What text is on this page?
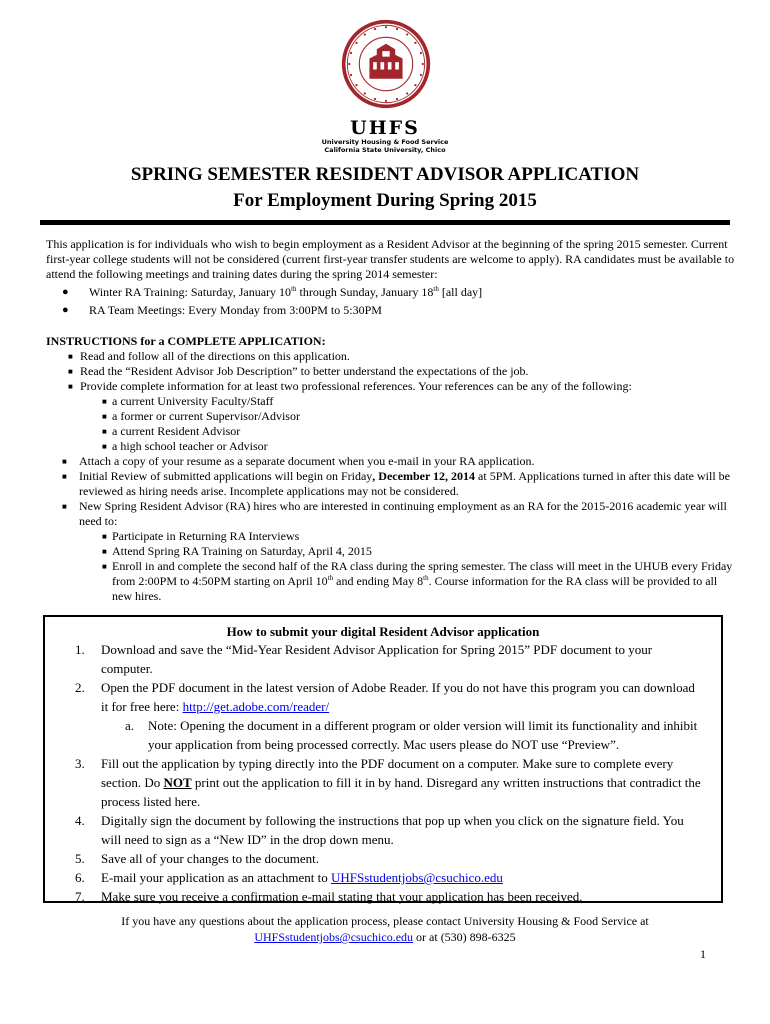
UHFS
University Housing & Food Service
California State University, Chico
SPRING SEMESTER RESIDENT ADVISOR APPLICATION
For Employment During Spring 2015

This application is for individuals who wish to begin employment as a Resident Advisor at the beginning of the spring 2015 semester. Current first-year college students will not be considered (current first-year transfer students are welcome to apply). RA candidates must be available to attend the following meetings and training dates during the spring 2014 semester:

● Winter RA Training: Saturday, January 10th through Sunday, January 18th [all day]
● RA Team Meetings: Every Monday from 3:00PM to 5:30PM

INSTRUCTIONS for a COMPLETE APPLICATION:

■ Read and follow all of the directions on this application.
■ Read the “Resident Advisor Job Description” to better understand the expectations of the job.
■ Provide complete information for at least two professional references. Your references can be any of the following:
■ a current University Faculty/Staff
■ a former or current Supervisor/Advisor
■ a current Resident Advisor
■ a high school teacher or Advisor
■ Attach a copy of your resume as a separate document when you e-mail in your RA application.
■ Initial Review of submitted applications will begin on Friday, December 12, 2014 at 5PM. Applications turned in after this date will be reviewed as hiring needs arise. Incomplete applications may not be considered.
■ New Spring Resident Advisor (RA) hires who are interested in continuing employment as an RA for the 2015-2016 academic year will need to:
■ Participate in Returning RA Interviews
■ Attend Spring RA Training on Saturday, April 4, 2015
■ Enroll in and complete the second half of the RA class during the spring semester. The class will meet in the UHUB every Friday from 2:00PM to 4:50PM starting on April 10th and ending May 8th. Course information for the RA class will be provided to all new hires.

How to submit your digital Resident Advisor application

1. Download and save the “Mid-Year Resident Advisor Application for Spring 2015” PDF document to your computer.
2. Open the PDF document in the latest version of Adobe Reader. If you do not have this program you can download it for free here: http://get.adobe.com/reader/
a. Note: Opening the document in a different program or older version will limit its functionality and inhibit your application from being processed correctly. Mac users please do NOT use “Preview”.
3. Fill out the application by typing directly into the PDF document on a computer. Make sure to complete every section. Do NOT print out the application to fill it in by hand. Disregard any written instructions that contradict the process listed here.
4. Digitally sign the document by following the instructions that pop up when you click on the signature field. You will need to sign as a “New ID” in the drop down menu.
5. Save all of your changes to the document.
6. E-mail your application as an attachment to UHFSstudentjobs@csuchico.edu
7. Make sure you receive a confirmation e-mail stating that your application has been received.
If you have any questions about the application process, please contact University Housing & Food Service at
UHFSstudentjobs@csuchico.edu or at (530) 898-6325
1
